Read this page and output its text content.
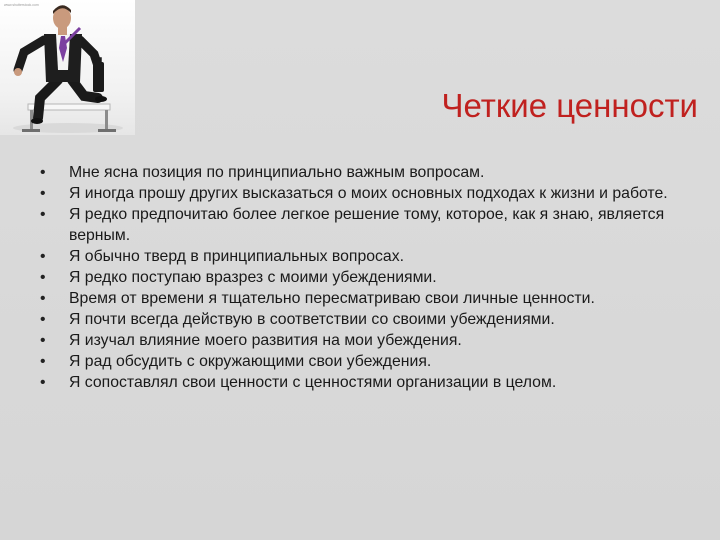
www.shutterstock.com
Четкие ценности
• Мне ясна позиция по принципиально важным вопросам.
• Я иногда прошу других высказаться о моих основных подходах к жизни и работе.
• Я редко предпочитаю более легкое решение тому, которое, как я знаю, является верным.
• Я обычно тверд в принципиальных вопросах.
• Я редко поступаю вразрез с моими убеждениями.
• Время от времени я тщательно пересматриваю свои личные ценности.
• Я почти всегда действую в соответствии со своими убеждениями.
• Я изучал влияние моего развития на мои убеждения.
• Я рад обсудить с окружающими свои убеждения.
• Я сопоставлял свои ценности с ценностями организации в целом.
